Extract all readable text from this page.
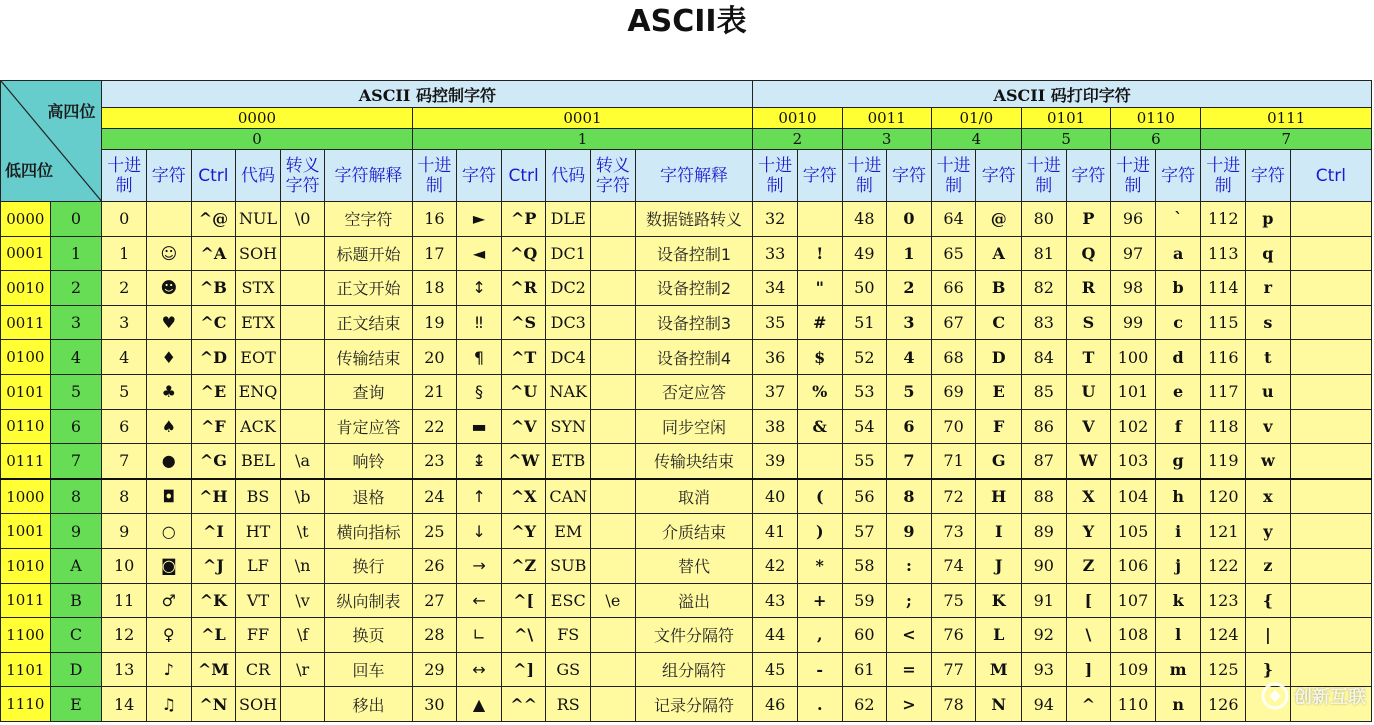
ASCII表
高四位
低四位		ASCII 码控制字符												ASCII 码打印字符												
		0000						0001						0010		0011		01/0		0101		0110		0111		
		0						1						2		3		4		5		6		7		
		十进制	字符	Ctrl	代码	转义字符	字符解释	十进制	字符	Ctrl	代码	转义字符	字符解释	十进制	字符	十进制	字符	十进制	字符	十进制	字符	十进制	字符	十进制	字符	Ctrl
0000	0	0		^@	NUL	\0	空字符	16	►	^P	DLE		数据链路转义	32		48	0	64	@	80	P	96	`	112	p	
0001	1	1	☺	^A	SOH		标题开始	17	◄	^Q	DC1		设备控制1	33	!	49	1	65	A	81	Q	97	a	113	q	
0010	2	2	☻	^B	STX		正文开始	18	↕	^R	DC2		设备控制2	34	"	50	2	66	B	82	R	98	b	114	r	
0011	3	3	♥	^C	ETX		正文结束	19	‼	^S	DC3		设备控制3	35	#	51	3	67	C	83	S	99	c	115	s	
0100	4	4	♦	^D	EOT		传输结束	20	¶	^T	DC4		设备控制4	36	$	52	4	68	D	84	T	100	d	116	t	
0101	5	5	♣	^E	ENQ		查询	21	§	^U	NAK		否定应答	37	%	53	5	69	E	85	U	101	e	117	u	
0110	6	6	♠	^F	ACK		肯定应答	22	▬	^V	SYN		同步空闲	38	&	54	6	70	F	86	V	102	f	118	v	
0111	7	7	●	^G	BEL	\a	响铃	23	↨	^W	ETB		传输块结束	39		55	7	71	G	87	W	103	g	119	w	
1000	8	8	◘	^H	BS	\b	退格	24	↑	^X	CAN		取消	40	(	56	8	72	H	88	X	104	h	120	x	
1001	9	9	○	^I	HT	\t	横向指标	25	↓	^Y	EM		介质结束	41	)	57	9	73	I	89	Y	105	i	121	y	
1010	A	10	◙	^J	LF	\n	换行	26	→	^Z	SUB		替代	42	*	58	:	74	J	90	Z	106	j	122	z	
1011	B	11	♂	^K	VT	\v	纵向制表	27	←	^[	ESC	\e	溢出	43	+	59	;	75	K	91	[	107	k	123	{	
1100	C	12	♀	^L	FF	\f	换页	28	∟	^\	FS		文件分隔符	44	,	60	<	76	L	92	\	108	l	124	|	
1101	D	13	♪	^M	CR	\r	回车	29	↔	^]	GS		组分隔符	45	-	61	=	77	M	93	]	109	m	125	}	
1110	E	14	♫	^N	SOH		移出	30	▲	^^	RS		记录分隔符	46	.	62	>	78	N	94	^	110	n	126			创新互联
